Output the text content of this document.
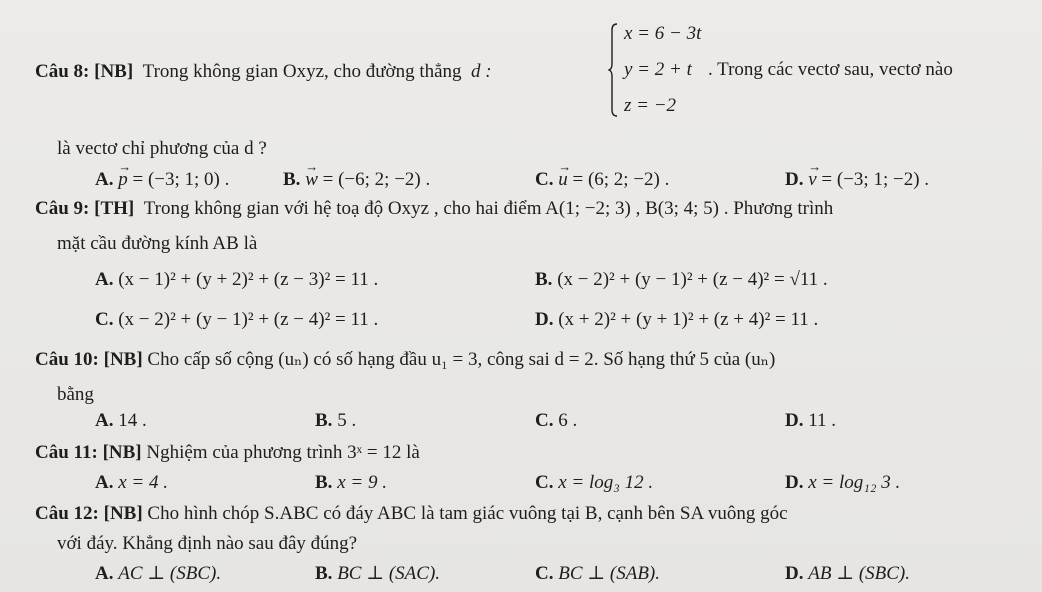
Câu 8: [NB] Trong không gian Oxyz, cho đường thẳng d :
x = 6 − 3t
y = 2 + t
z = −2
. Trong các vectơ sau, vectơ nào
là vectơ chỉ phương của d ?
A. → p = (−3; 1; 0) .	B. → w = (−6; 2; −2) .	C. → u = (6; 2; −2) .	D. → v = (−3; 1; −2) .
Câu 9: [TH] Trong không gian với hệ toạ độ Oxyz , cho hai điểm A(1; −2; 3) , B(3; 4; 5) . Phương trình
mặt cầu đường kính AB là
A. (x − 1)² + (y + 2)² + (z − 3)² = 11 .	B. (x − 2)² + (y − 1)² + (z − 4)² = √11 .
C. (x − 2)² + (y − 1)² + (z − 4)² = 11 .	D. (x + 2)² + (y + 1)² + (z + 4)² = 11 .
Câu 10: [NB] Cho cấp số cộng (uₙ) có số hạng đầu u₁ = 3, công sai d = 2. Số hạng thứ 5 của (uₙ)
bằng
A. 14 .	B. 5 .	C. 6 .	D. 11 .
Câu 11: [NB] Nghiệm của phương trình 3ˣ = 12 là
A. x = 4 .	B. x = 9 .	C. x = log₃ 12 .	D. x = log₁₂ 3 .
Câu 12: [NB] Cho hình chóp S.ABC có đáy ABC là tam giác vuông tại B, cạnh bên SA vuông góc
với đáy. Khẳng định nào sau đây đúng?
A. AC ⊥ (SBC).	B. BC ⊥ (SAC).	C. BC ⊥ (SAB).	D. AB ⊥ (SBC).
